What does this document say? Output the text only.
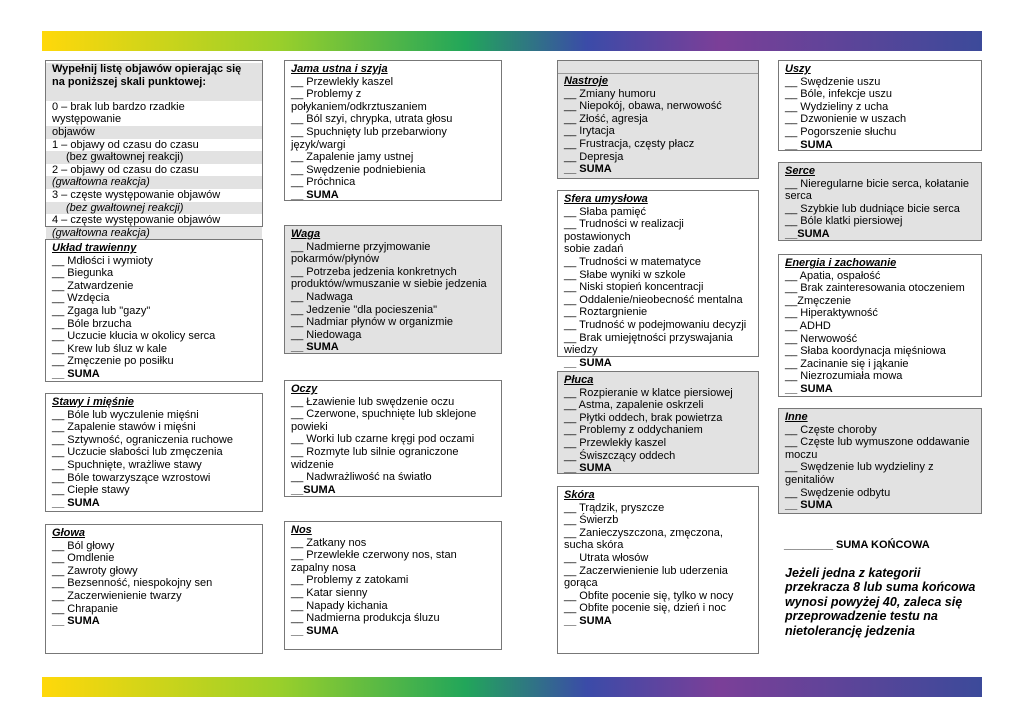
Wypełnij listę objawów opierając się
na poniższej skali punktowej:

0 – brak lub bardzo rzadkie występowanie
objawów
1 – objawy od czasu do czasu
(bez gwałtownej reakcji)
2 – objawy od czasu do czasu
(gwałtowna reakcja)
3 – częste występowanie objawów
(bez gwałtownej reakcji)
4 – częste występowanie objawów
(gwałtowna reakcja)
Układ trawienny
__ Mdłości i wymioty
__ Biegunka
__ Zatwardzenie
__ Wzdęcia
__ Zgaga lub "gazy"
__ Bóle brzucha
__ Uczucie kłucia w okolicy serca
__ Krew lub śluz w kale
__ Zmęczenie po posiłku
__ SUMA
Stawy i mięśnie
__ Bóle lub wyczulenie mięśni
__ Zapalenie stawów i mięśni
__ Sztywność, ograniczenia ruchowe
__ Uczucie słabości lub zmęczenia
__ Spuchnięte, wrażliwe stawy
__ Bóle towarzyszące wzrostowi
__ Ciepłe stawy
__ SUMA
Głowa
__ Ból głowy
__ Omdlenie
__ Zawroty głowy
__ Bezsenność, niespokojny sen
__ Zaczerwienienie twarzy
__ Chrapanie
__ SUMA
Jama ustna i szyja
__ Przewlekły kaszel
__ Problemy z
połykaniem/odkrztuszaniem
__ Ból szyi, chrypka, utrata głosu
__ Spuchnięty lub przebarwiony
język/wargi
__ Zapalenie jamy ustnej
__ Swędzenie podniebienia
__ Próchnica
__ SUMA
Waga
__ Nadmierne przyjmowanie
pokarmów/płynów
__ Potrzeba jedzenia konkretnych
produktów/wmuszanie w siebie jedzenia
__ Nadwaga
__ Jedzenie "dla pocieszenia"
__ Nadmiar płynów w organizmie
__ Niedowaga
__ SUMA
Oczy
__ Łzawienie lub swędzenie oczu
__ Czerwone, spuchnięte lub sklejone
powieki
__ Worki lub czarne kręgi pod oczami
__ Rozmyte lub silnie ograniczone
widzenie
__ Nadwrażliwość na światło
__SUMA
Nos
__ Zatkany nos
__ Przewlekłe czerwony nos, stan
zapalny nosa
__ Problemy z zatokami
__ Katar sienny
__ Napady kichania
__ Nadmierna produkcja śluzu
__ SUMA
Nastroje
__ Zmiany humoru
__ Niepokój, obawa, nerwowość
__ Złość, agresja
__ Irytacja
__ Frustracja, częsty płacz
__ Depresja
__ SUMA
Sfera umysłowa
__ Słaba pamięć
__ Trudności w realizacji postawionych
sobie zadań
__ Trudności w matematyce
__ Słabe wyniki w szkole
__ Niski stopień koncentracji
__ Oddalenie/nieobecność mentalna
__ Roztargnienie
__ Trudność w podejmowaniu decyzji
__ Brak umiejętności przyswajania
wiedzy
__ SUMA
Płuca
__ Rozpieranie w klatce piersiowej
__ Astma, zapalenie oskrzeli
__ Płytki oddech, brak powietrza
__ Problemy z oddychaniem
__ Przewlekły kaszel
__ Świszczący oddech
__ SUMA
Skóra
__ Trądzik, pryszcze
__ Świerzb
__ Zanieczyszczona, zmęczona,
sucha skóra
__ Utrata włosów
__ Zaczerwienienie lub uderzenia
gorąca
__ Obfite pocenie się, tylko w nocy
__ Obfite pocenie się, dzień i noc
__ SUMA
Uszy
__ Swędzenie uszu
__ Bóle, infekcje uszu
__ Wydzieliny z ucha
__ Dzwonienie w uszach
__ Pogorszenie słuchu
__ SUMA
Serce
__ Nieregularne bicie serca, kołatanie
serca
__ Szybkie lub dudniące bicie serca
__ Bóle klatki piersiowej
__SUMA
Energia i zachowanie
__ Apatia, ospałość
__ Brak zainteresowania otoczeniem
__Zmęczenie
__ Hiperaktywność
__ ADHD
__ Nerwowość
__ Słaba koordynacja mięśniowa
__ Zacinanie się i jąkanie
__ Niezrozumiała mowa
__ SUMA
Inne
__ Częste choroby
__ Częste lub wymuszone oddawanie
moczu
__ Swędzenie lub wydzieliny z
genitaliów
__ Swędzenie odbytu
__ SUMA
________ SUMA KOŃCOWA
Jeżeli jedna z kategorii przekracza 8 lub suma końcowa wynosi powyżej 40, zaleca się przeprowadzenie testu na nietolerancję jedzenia
